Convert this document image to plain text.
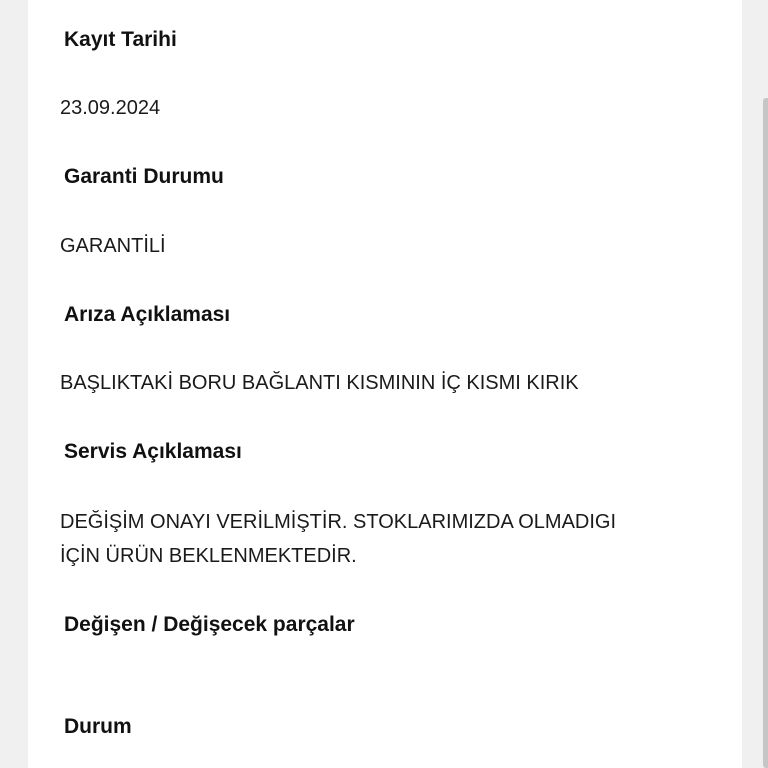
Kayıt Tarihi
23.09.2024
Garanti Durumu
GARANTİLİ
Arıza Açıklaması
BAŞLIKTAKİ BORU BAĞLANTI KISMININ İÇ KISMI KIRIK
Servis Açıklaması
DEĞİŞİM ONAYI VERİLMİŞTİR. STOKLARIMIZDA OLMADIGI
İÇİN ÜRÜN BEKLENMEKTEDİR.
Değişen / Değişecek parçalar
Durum
